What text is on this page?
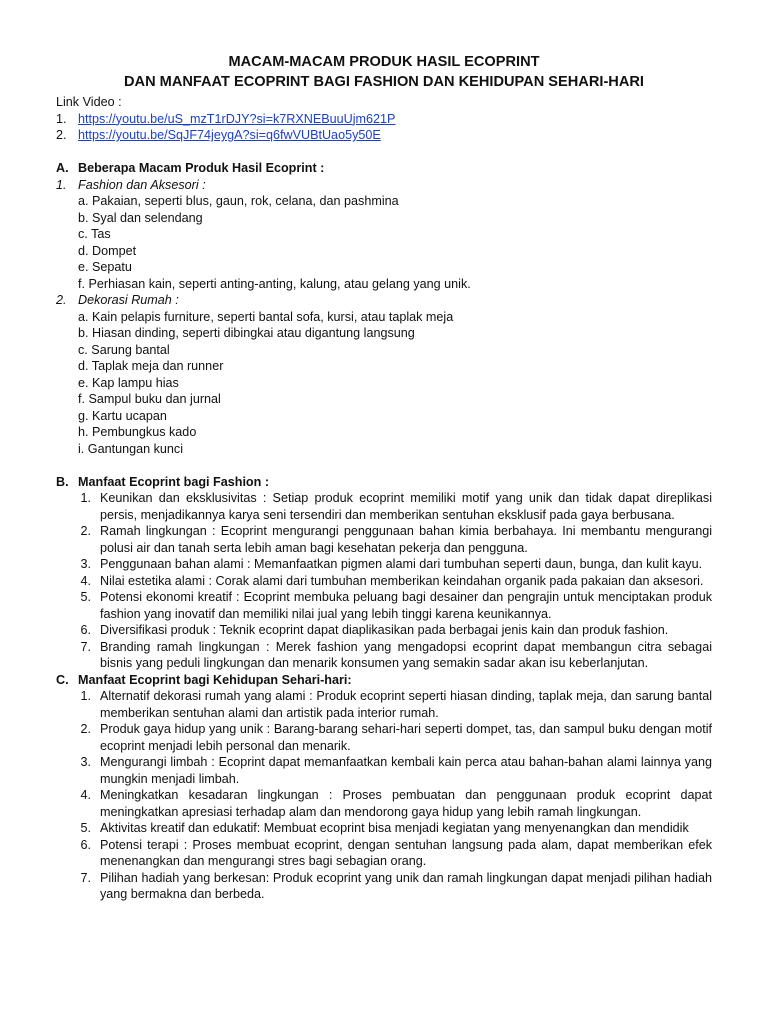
MACAM-MACAM PRODUK HASIL ECOPRINT
DAN MANFAAT ECOPRINT BAGI FASHION DAN KEHIDUPAN SEHARI-HARI
Link Video :
1. https://youtu.be/uS_mzT1rDJY?si=k7RXNEBuuUjm621P
2. https://youtu.be/SqJF74jeygA?si=q6fwVUBtUao5y50E
A. Beberapa Macam Produk Hasil Ecoprint :
1. Fashion dan Aksesori :
a. Pakaian, seperti blus, gaun, rok, celana, dan pashmina
b. Syal dan selendang
c. Tas
d. Dompet
e. Sepatu
f. Perhiasan kain, seperti anting-anting, kalung, atau gelang yang unik.
2. Dekorasi Rumah :
a. Kain pelapis furniture, seperti bantal sofa, kursi, atau taplak meja
b. Hiasan dinding, seperti dibingkai atau digantung langsung
c. Sarung bantal
d. Taplak meja dan runner
e. Kap lampu hias
f. Sampul buku dan jurnal
g. Kartu ucapan
h. Pembungkus kado
i. Gantungan kunci
B. Manfaat Ecoprint bagi Fashion :
1. Keunikan dan eksklusivitas : Setiap produk ecoprint memiliki motif yang unik dan tidak dapat direplikasi persis, menjadikannya karya seni tersendiri dan memberikan sentuhan eksklusif pada gaya berbusana.
2. Ramah lingkungan : Ecoprint mengurangi penggunaan bahan kimia berbahaya. Ini membantu mengurangi polusi air dan tanah serta lebih aman bagi kesehatan pekerja dan pengguna.
3. Penggunaan bahan alami : Memanfaatkan pigmen alami dari tumbuhan seperti daun, bunga, dan kulit kayu.
4. Nilai estetika alami : Corak alami dari tumbuhan memberikan keindahan organik pada pakaian dan aksesori.
5. Potensi ekonomi kreatif : Ecoprint membuka peluang bagi desainer dan pengrajin untuk menciptakan produk fashion yang inovatif dan memiliki nilai jual yang lebih tinggi karena keunikannya.
6. Diversifikasi produk : Teknik ecoprint dapat diaplikasikan pada berbagai jenis kain dan produk fashion.
7. Branding ramah lingkungan : Merek fashion yang mengadopsi ecoprint dapat membangun citra sebagai bisnis yang peduli lingkungan dan menarik konsumen yang semakin sadar akan isu keberlanjutan.
C. Manfaat Ecoprint bagi Kehidupan Sehari-hari:
1. Alternatif dekorasi rumah yang alami : Produk ecoprint seperti hiasan dinding, taplak meja, dan sarung bantal memberikan sentuhan alami dan artistik pada interior rumah.
2. Produk gaya hidup yang unik : Barang-barang sehari-hari seperti dompet, tas, dan sampul buku dengan motif ecoprint menjadi lebih personal dan menarik.
3. Mengurangi limbah : Ecoprint dapat memanfaatkan kembali kain perca atau bahan-bahan alami lainnya yang mungkin menjadi limbah.
4. Meningkatkan kesadaran lingkungan : Proses pembuatan dan penggunaan produk ecoprint dapat meningkatkan apresiasi terhadap alam dan mendorong gaya hidup yang lebih ramah lingkungan.
5. Aktivitas kreatif dan edukatif: Membuat ecoprint bisa menjadi kegiatan yang menyenangkan dan mendidik
6. Potensi terapi : Proses membuat ecoprint, dengan sentuhan langsung pada alam, dapat memberikan efek menenangkan dan mengurangi stres bagi sebagian orang.
7. Pilihan hadiah yang berkesan: Produk ecoprint yang unik dan ramah lingkungan dapat menjadi pilihan hadiah yang bermakna dan berbeda.
